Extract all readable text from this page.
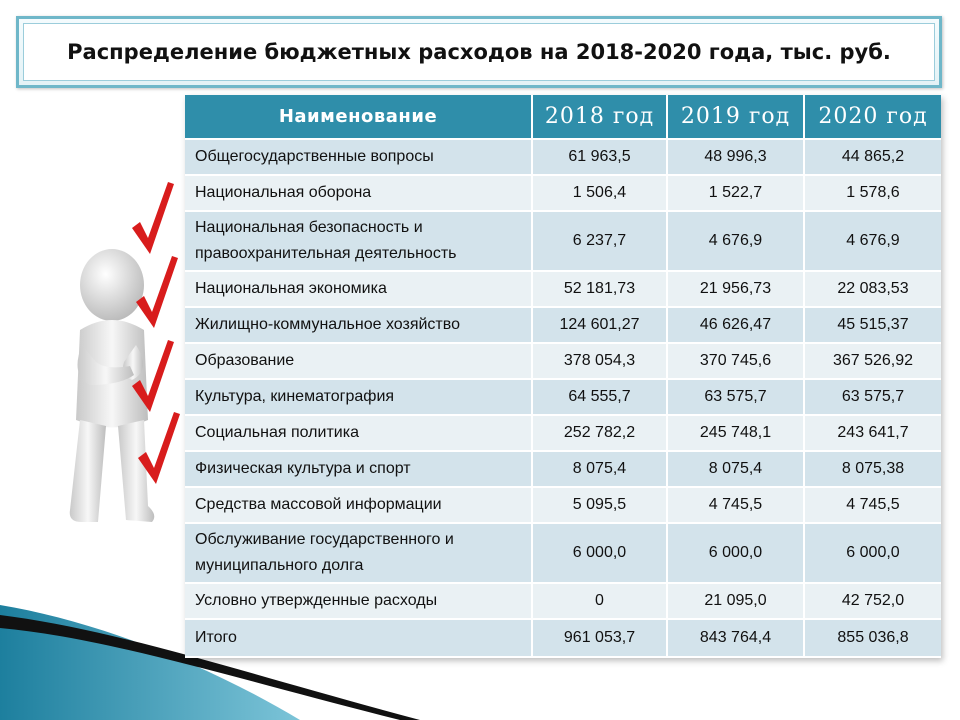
Распределение бюджетных расходов на 2018-2020 года, тыс. руб.
Наименование	2018 год	2019 год	2020 год
Общегосударственные вопросы	61 963,5	48 996,3	44 865,2
Национальная оборона	1 506,4	1 522,7	1 578,6
Национальная безопасность и правоохранительная деятельность	6 237,7	4 676,9	4 676,9
Национальная экономика	52 181,73	21 956,73	22 083,53
Жилищно-коммунальное хозяйство	124 601,27	46 626,47	45 515,37
Образование	378 054,3	370 745,6	367 526,92
Культура, кинематография	64 555,7	63 575,7	63 575,7
Социальная политика	252 782,2	245 748,1	243 641,7
Физическая культура и спорт	8 075,4	8 075,4	8 075,38
Средства массовой информации	5 095,5	4 745,5	4 745,5
Обслуживание государственного и муниципального долга	6 000,0	6 000,0	6 000,0
Условно утвержденные расходы	0	21 095,0	42 752,0
Итого	961 053,7	843 764,4	855 036,8
